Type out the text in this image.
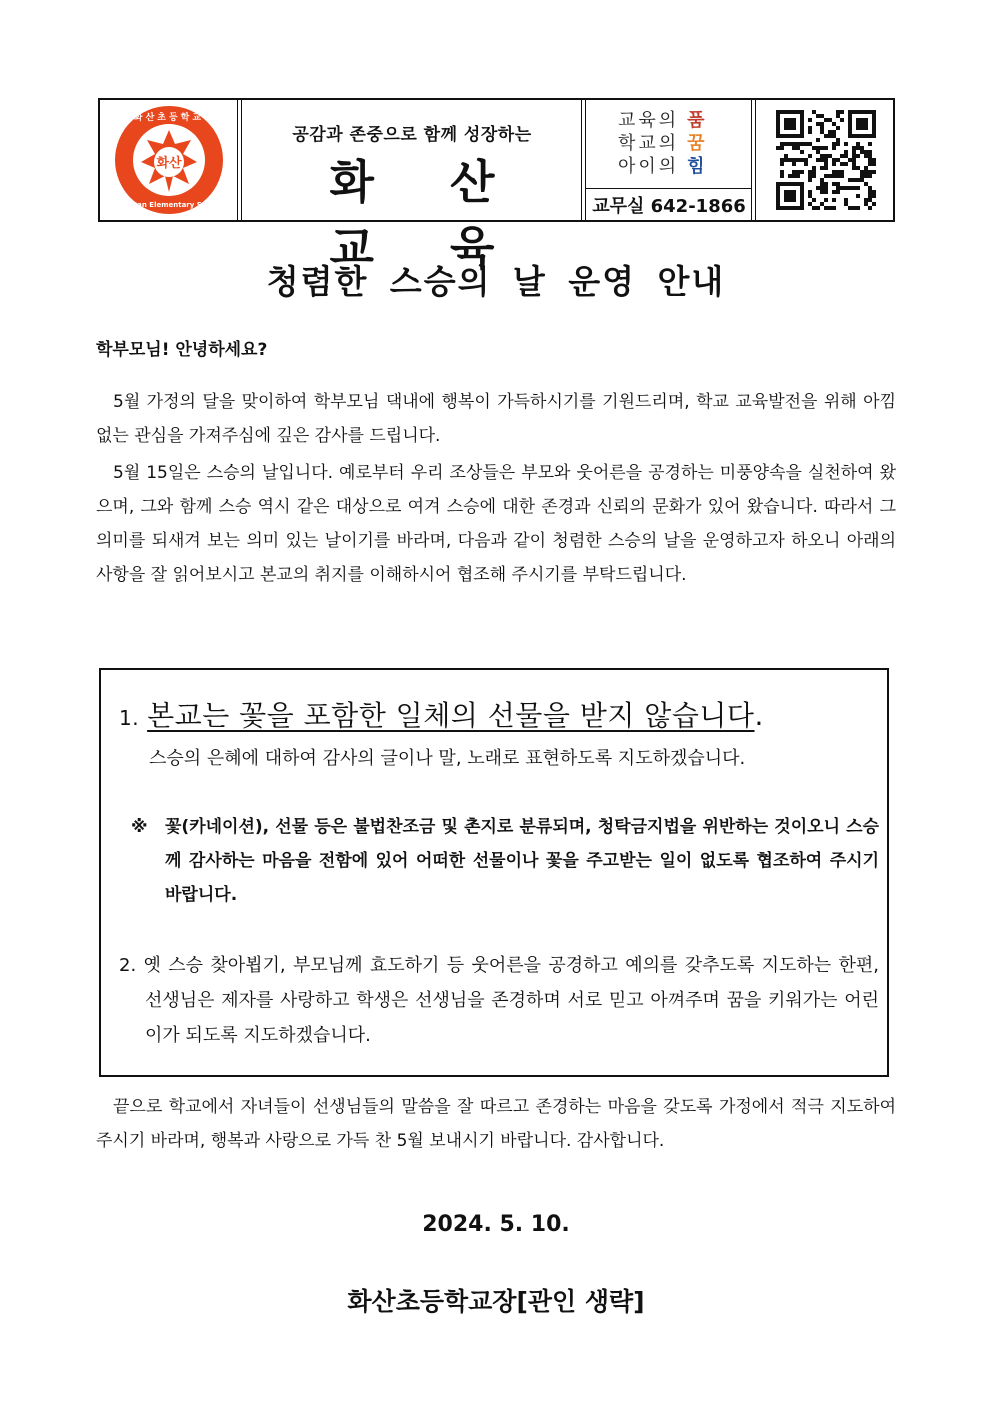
화산
화산초등학교
HwaSan Elementary School
공감과 존중으로 함께 성장하는
화 산 교 육
교육의 품
학교의 꿈
아이의 힘
교무실 642-1866
청렴한 스승의 날 운영 안내
학부모님! 안녕하세요?

5월 가정의 달을 맞이하여 학부모님 댁내에 행복이 가득하시기를 기원드리며, 학교 교육발전을 위해 아낌없는 관심을 가져주심에 깊은 감사를 드립니다.

5월 15일은 스승의 날입니다. 예로부터 우리 조상들은 부모와 웃어른을 공경하는 미풍양속을 실천하여 왔으며, 그와 함께 스승 역시 같은 대상으로 여겨 스승에 대한 존경과 신뢰의 문화가 있어 왔습니다. 따라서 그 의미를 되새겨 보는 의미 있는 날이기를 바라며, 다음과 같이 청렴한 스승의 날을 운영하고자 하오니 아래의 사항을 잘 읽어보시고 본교의 취지를 이해하시어 협조해 주시기를 부탁드립니다.

1. 본교는 꽃을 포함한 일체의 선물을 받지 않습니다.
스승의 은혜에 대하여 감사의 글이나 말, 노래로 표현하도록 지도하겠습니다.
※ 꽃(카네이션), 선물 등은 불법찬조금 및 촌지로 분류되며, 청탁금지법을 위반하는 것이오니 스승께 감사하는 마음을 전함에 있어 어떠한 선물이나 꽃을 주고받는 일이 없도록 협조하여 주시기 바랍니다.

2. 옛 스승 찾아뵙기, 부모님께 효도하기 등 웃어른을 공경하고 예의를 갖추도록 지도하는 한편, 선생님은 제자를 사랑하고 학생은 선생님을 존경하며 서로 믿고 아껴주며 꿈을 키워가는 어린이가 되도록 지도하겠습니다.

끝으로 학교에서 자녀들이 선생님들의 말씀을 잘 따르고 존경하는 마음을 갖도록 가정에서 적극 지도하여 주시기 바라며, 행복과 사랑으로 가득 찬 5월 보내시기 바랍니다. 감사합니다.

2024. 5. 10.
화산초등학교장[관인 생략]
